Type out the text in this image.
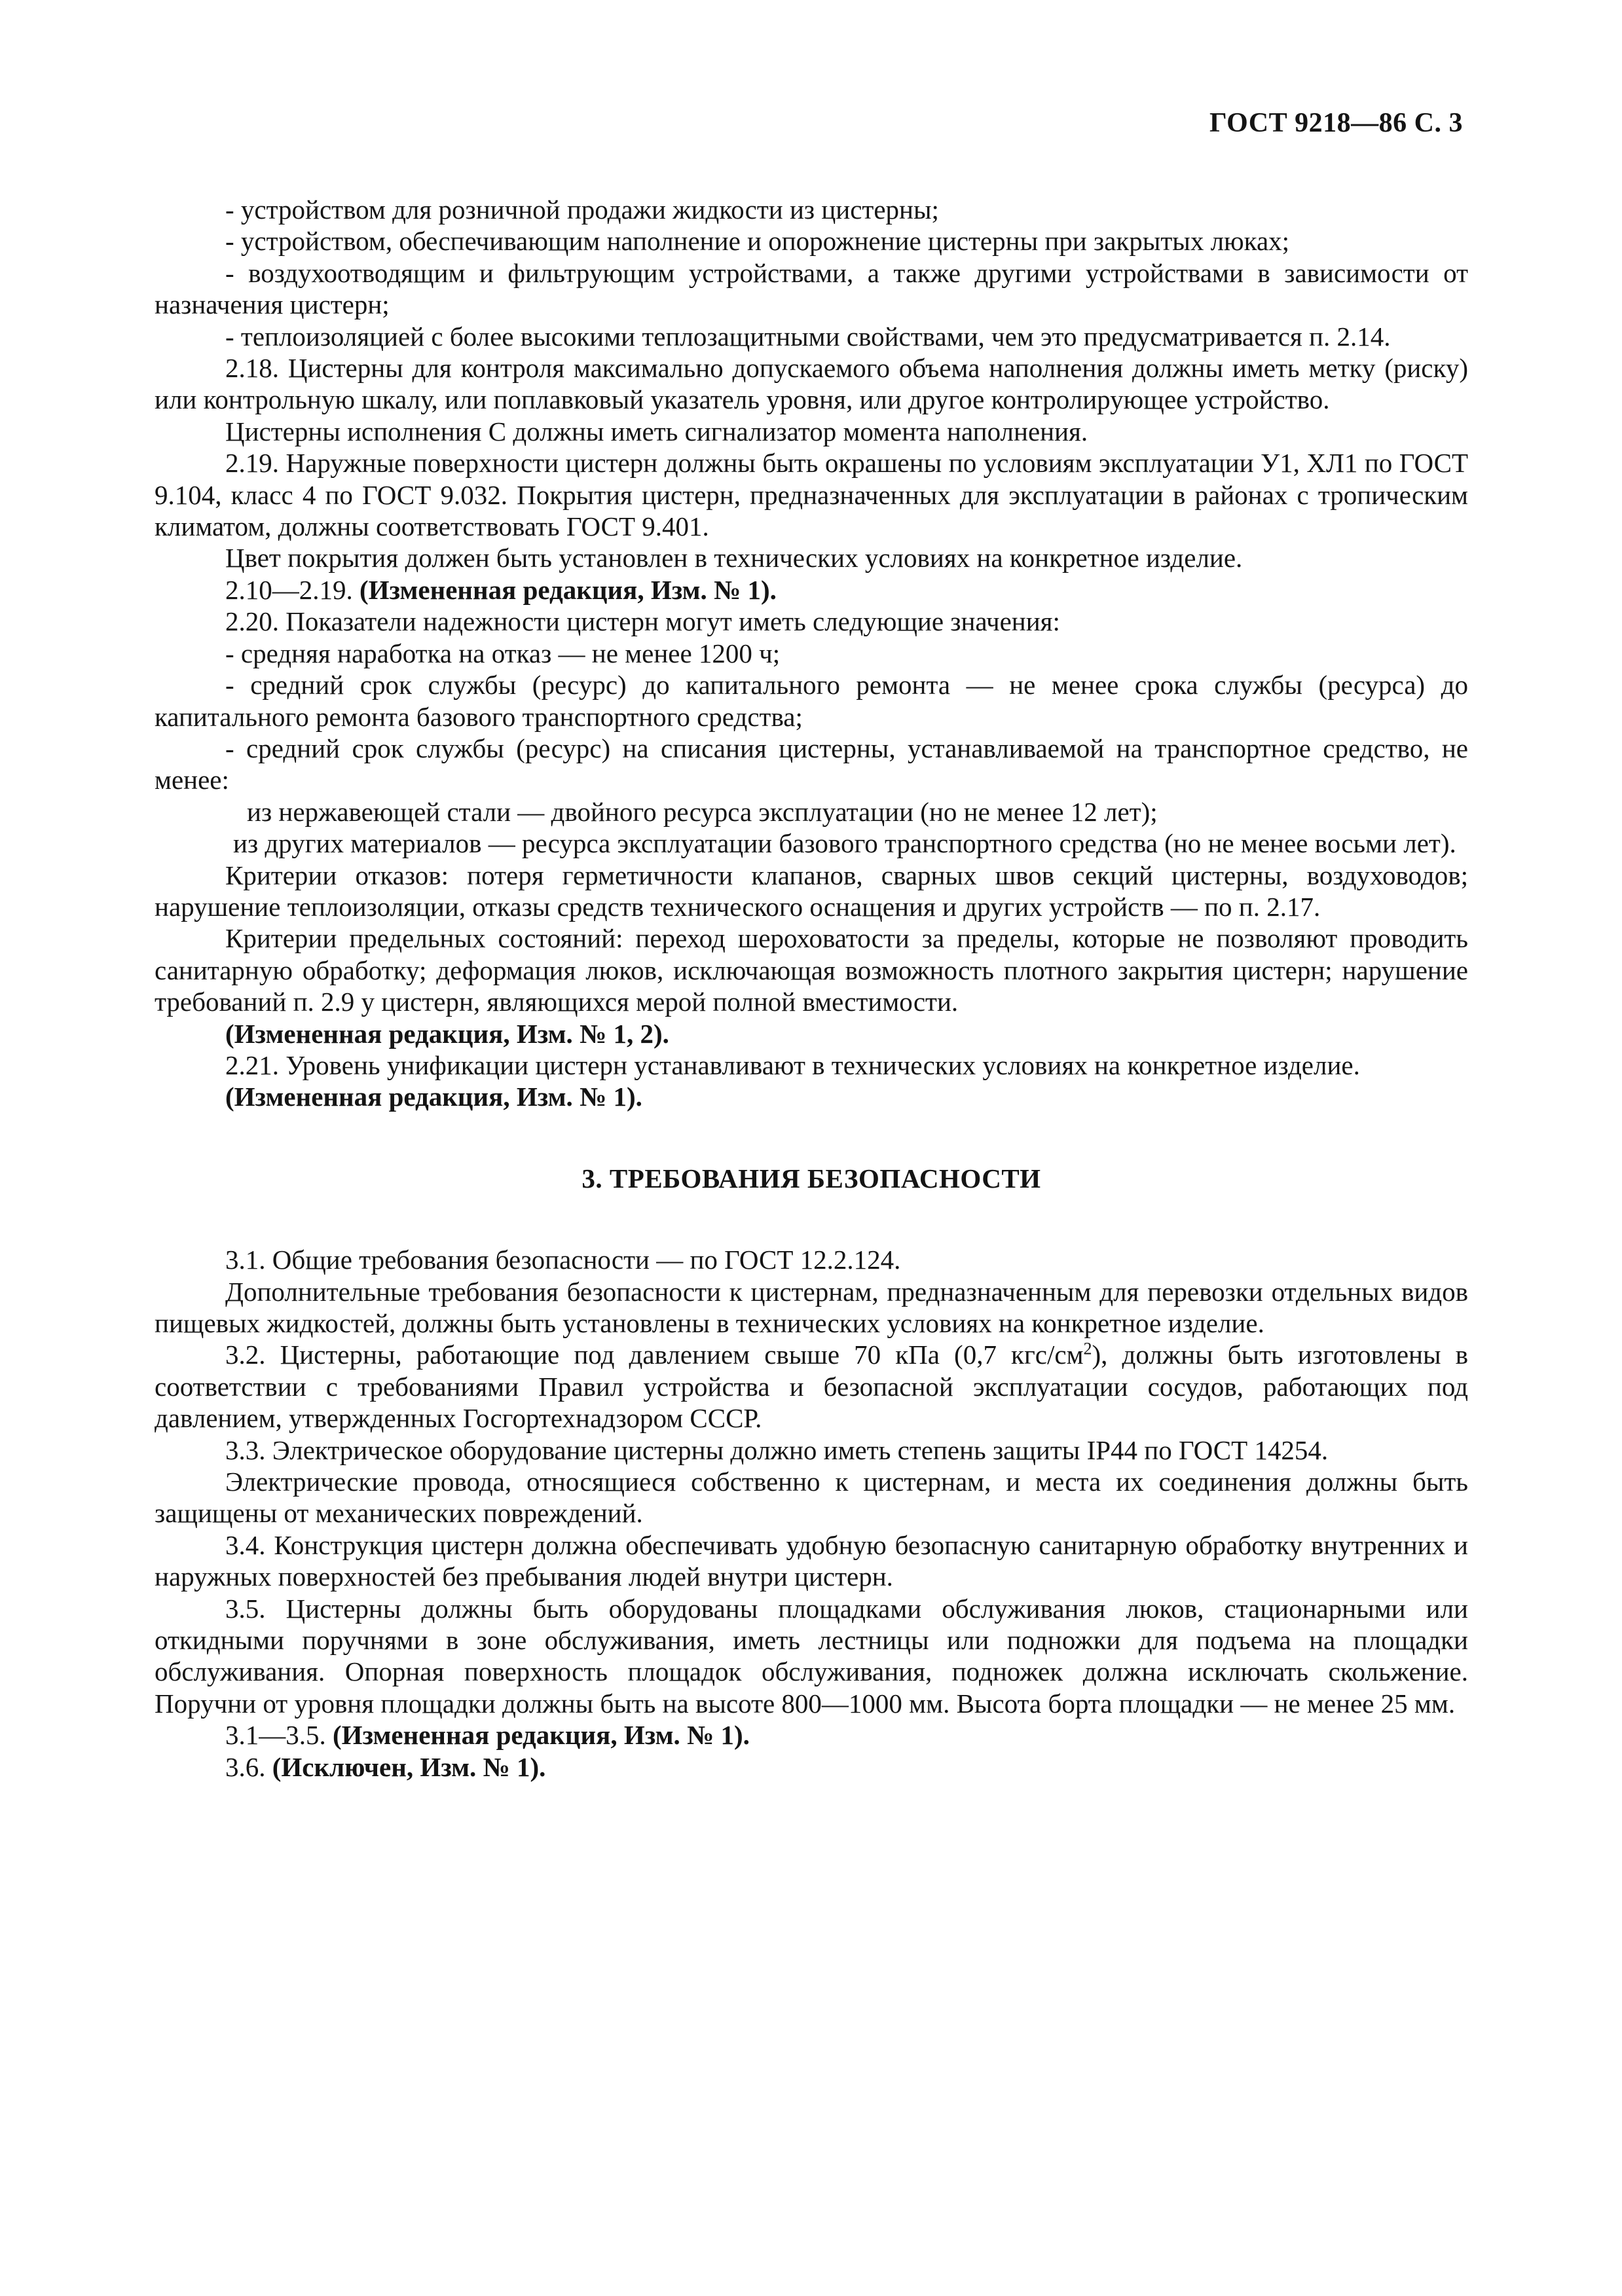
ГОСТ 9218—86 С. 3

- устройством для розничной продажи жидкости из цистерны;

- устройством, обеспечивающим наполнение и опорожнение цистерны при закрытых люках;

- воздухоотводящим и фильтрующим устройствами, а также другими устройствами в зависимости от назначения цистерн;

- теплоизоляцией с более высокими теплозащитными свойствами, чем это предусматривается п. 2.14.

2.18. Цистерны для контроля максимально допускаемого объема наполнения должны иметь метку (риску) или контрольную шкалу, или поплавковый указатель уровня, или другое контролирующее устройство.

Цистерны исполнения С должны иметь сигнализатор момента наполнения.

2.19. Наружные поверхности цистерн должны быть окрашены по условиям эксплуатации У1, ХЛ1 по ГОСТ 9.104, класс 4 по ГОСТ 9.032. Покрытия цистерн, предназначенных для эксплуатации в районах с тропическим климатом, должны соответствовать ГОСТ 9.401.

Цвет покрытия должен быть установлен в технических условиях на конкретное изделие.

2.10—2.19. (Измененная редакция, Изм. № 1).

2.20. Показатели надежности цистерн могут иметь следующие значения:

- средняя наработка на отказ — не менее 1200 ч;

- средний срок службы (ресурс) до капитального ремонта — не менее срока службы (ресурса) до капитального ремонта базового транспортного средства;

- средний срок службы (ресурс) на списания цистерны, устанавливаемой на транспортное средство, не менее:

из нержавеющей стали — двойного ресурса эксплуатации (но не менее 12 лет);

из других материалов — ресурса эксплуатации базового транспортного средства (но не менее восьми лет).

Критерии отказов: потеря герметичности клапанов, сварных швов секций цистерны, воздуховодов; нарушение теплоизоляции, отказы средств технического оснащения и других устройств — по п. 2.17.

Критерии предельных состояний: переход шероховатости за пределы, которые не позволяют проводить санитарную обработку; деформация люков, исключающая возможность плотного закрытия цистерн; нарушение требований п. 2.9 у цистерн, являющихся мерой полной вместимости.

(Измененная редакция, Изм. № 1, 2).

2.21. Уровень унификации цистерн устанавливают в технических условиях на конкретное изделие.

(Измененная редакция, Изм. № 1).

3. ТРЕБОВАНИЯ БЕЗОПАСНОСТИ

3.1. Общие требования безопасности — по ГОСТ 12.2.124.

Дополнительные требования безопасности к цистернам, предназначенным для перевозки отдельных видов пищевых жидкостей, должны быть установлены в технических условиях на конкретное изделие.

3.2. Цистерны, работающие под давлением свыше 70 кПа (0,7 кгс/$см^2$), должны быть изготовлены в соответствии с требованиями Правил устройства и безопасной эксплуатации сосудов, работающих под давлением, утвержденных Госгортехнадзором СССР.

3.3. Электрическое оборудование цистерны должно иметь степень защиты IP44 по ГОСТ 14254.

Электрические провода, относящиеся собственно к цистернам, и места их соединения должны быть защищены от механических повреждений.

3.4. Конструкция цистерн должна обеспечивать удобную безопасную санитарную обработку внутренних и наружных поверхностей без пребывания людей внутри цистерн.

3.5. Цистерны должны быть оборудованы площадками обслуживания люков, стационарными или откидными поручнями в зоне обслуживания, иметь лестницы или подножки для подъема на площадки обслуживания. Опорная поверхность площадок обслуживания, подножек должна исключать скольжение. Поручни от уровня площадки должны быть на высоте 800—1000 мм. Высота борта площадки — не менее 25 мм.

3.1—3.5. (Измененная редакция, Изм. № 1).

3.6. (Исключен, Изм. № 1).
